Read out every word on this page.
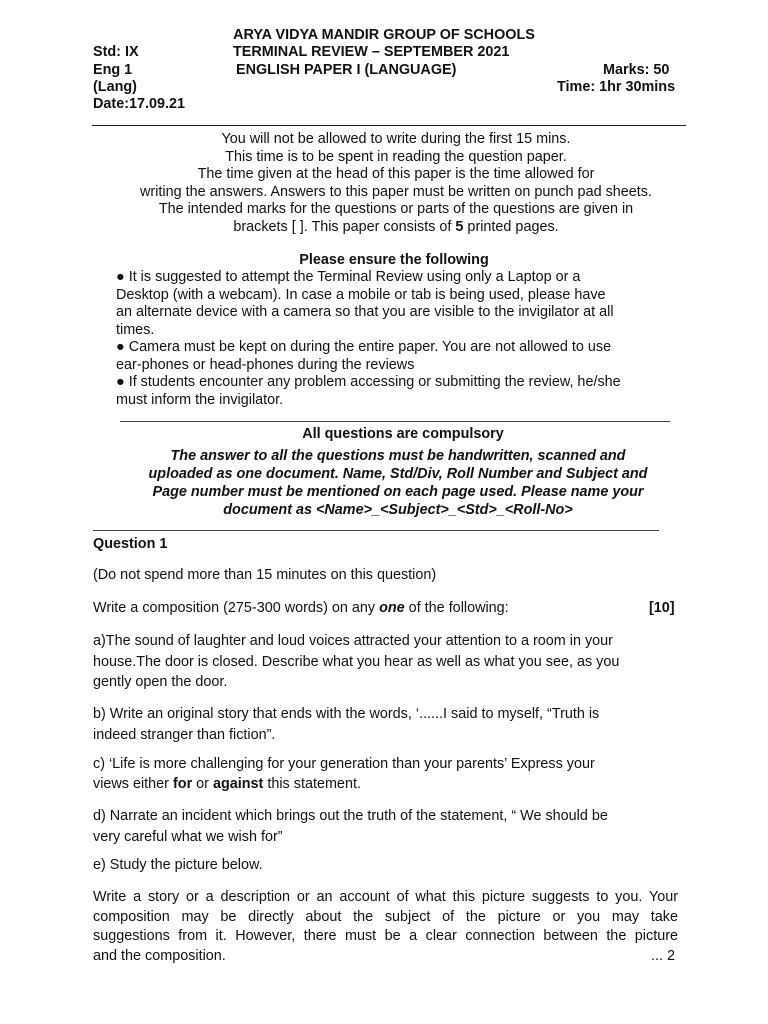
ARYA VIDYA MANDIR GROUP OF SCHOOLS
Std: IX	TERMINAL REVIEW – SEPTEMBER 2021
Eng 1	ENGLISH PAPER I (LANGUAGE)	Marks: 50
(Lang)	Time: 1hr 30mins
Date:17.09.21
You will not be allowed to write during the first 15 mins.
This time is to be spent in reading the question paper.
The time given at the head of this paper is the time allowed for
writing the answers. Answers to this paper must be written on punch pad sheets.
The intended marks for the questions or parts of the questions are given in
brackets [ ]. This paper consists of 5 printed pages.
Please ensure the following
● It is suggested to attempt the Terminal Review using only a Laptop or a
Desktop (with a webcam). In case a mobile or tab is being used, please have
an alternate device with a camera so that you are visible to the invigilator at all
times.
● Camera must be kept on during the entire paper. You are not allowed to use
ear-phones or head-phones during the reviews
● If students encounter any problem accessing or submitting the review, he/she
must inform the invigilator.
All questions are compulsory
The answer to all the questions must be handwritten, scanned and
uploaded as one document. Name, Std/Div, Roll Number and Subject and
Page number must be mentioned on each page used. Please name your
document as <Name>_<Subject>_<Std>_<Roll-No>
Question 1
(Do not spend more than 15 minutes on this question)
Write a composition (275-300 words) on any one of the following:	[10]
a)The sound of laughter and loud voices attracted your attention to a room in your
house.The door is closed. Describe what you hear as well as what you see, as you
gently open the door.
b) Write an original story that ends with the words, ‘......I said to myself, “Truth is
indeed stranger than fiction”.
c) ‘Life is more challenging for your generation than your parents’ Express your
views either for or against this statement.
d) Narrate an incident which brings out the truth of the statement, “ We should be
very careful what we wish for”
e) Study the picture below.
Write a story or a description or an account of what this picture suggests to you. Your
composition may be directly about the subject of the picture or you may take
suggestions from it. However, there must be a clear connection between the picture
and the composition.	... 2
